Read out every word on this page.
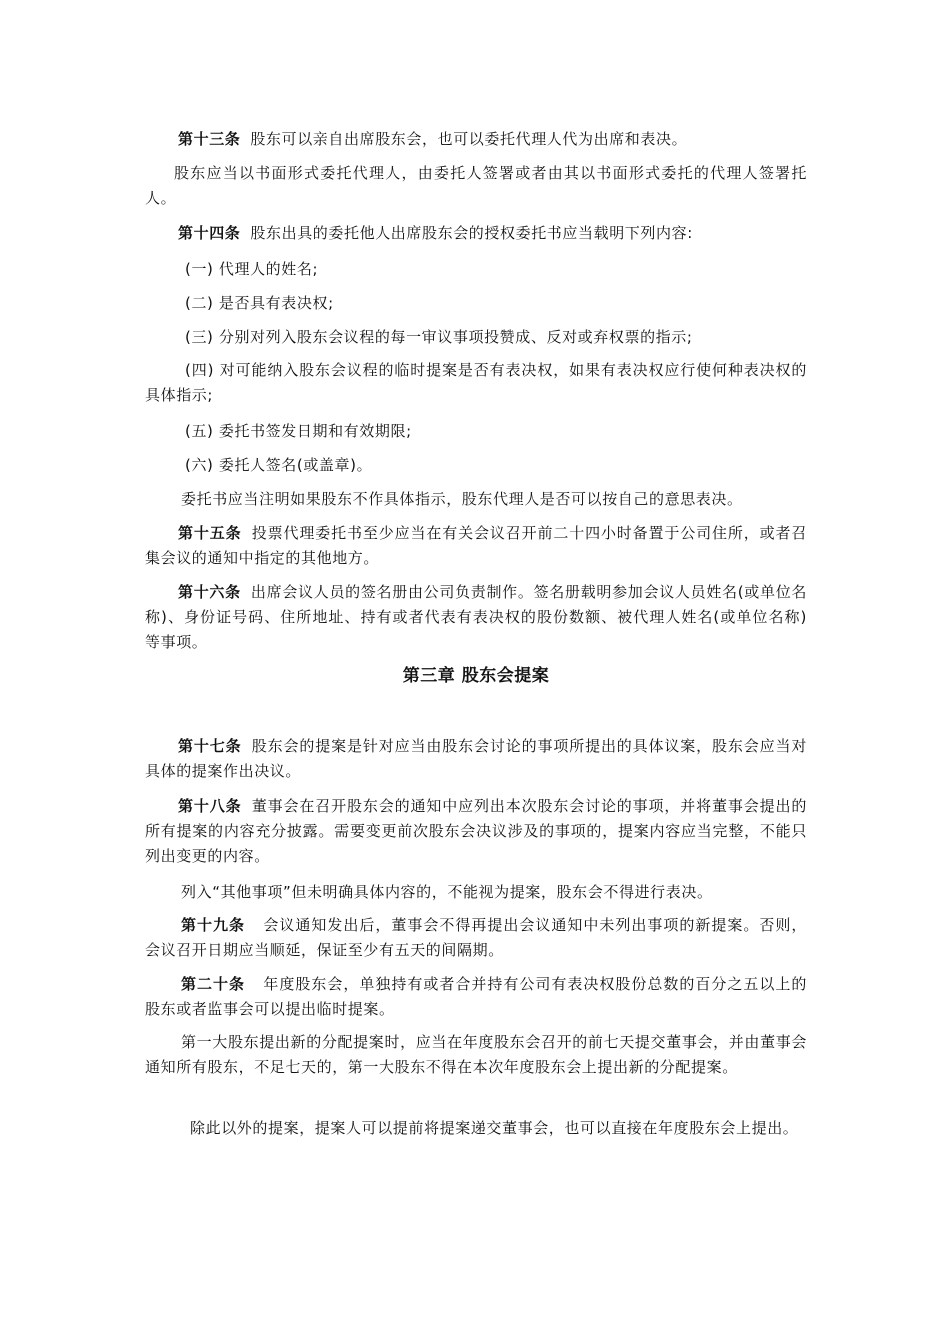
第十三条 股东可以亲自出席股东会，也可以委托代理人代为出席和表决。

股东应当以书面形式委托代理人，由委托人签署或者由其以书面形式委托的代理人签署托人。

第十四条 股东出具的委托他人出席股东会的授权委托书应当载明下列内容:

(一) 代理人的姓名;

(二) 是否具有表决权;

(三) 分别对列入股东会议程的每一审议事项投赞成、反对或弃权票的指示;

(四) 对可能纳入股东会议程的临时提案是否有表决权，如果有表决权应行使何种表决权的具体指示;

(五) 委托书签发日期和有效期限;

(六) 委托人签名(或盖章)。

委托书应当注明如果股东不作具体指示，股东代理人是否可以按自己的意思表决。

第十五条 投票代理委托书至少应当在有关会议召开前二十四小时备置于公司住所，或者召集会议的通知中指定的其他地方。

第十六条 出席会议人员的签名册由公司负责制作。签名册载明参加会议人员姓名(或单位名称)、身份证号码、住所地址、持有或者代表有表决权的股份数额、被代理人姓名(或单位名称) 等事项。

第三章 股东会提案

第十七条 股东会的提案是针对应当由股东会讨论的事项所提出的具体议案，股东会应当对具体的提案作出决议。

第十八条 董事会在召开股东会的通知中应列出本次股东会讨论的事项，并将董事会提出的所有提案的内容充分披露。需要变更前次股东会决议涉及的事项的，提案内容应当完整，不能只列出变更的内容。

列入“其他事项”但未明确具体内容的，不能视为提案，股东会不得进行表决。

第十九条 会议通知发出后，董事会不得再提出会议通知中未列出事项的新提案。否则，会议召开日期应当顺延，保证至少有五天的间隔期。

第二十条 年度股东会，单独持有或者合并持有公司有表决权股份总数的百分之五以上的股东或者监事会可以提出临时提案。

第一大股东提出新的分配提案时，应当在年度股东会召开的前七天提交董事会，并由董事会通知所有股东，不足七天的，第一大股东不得在本次年度股东会上提出新的分配提案。

除此以外的提案，提案人可以提前将提案递交董事会，也可以直接在年度股东会上提出。
